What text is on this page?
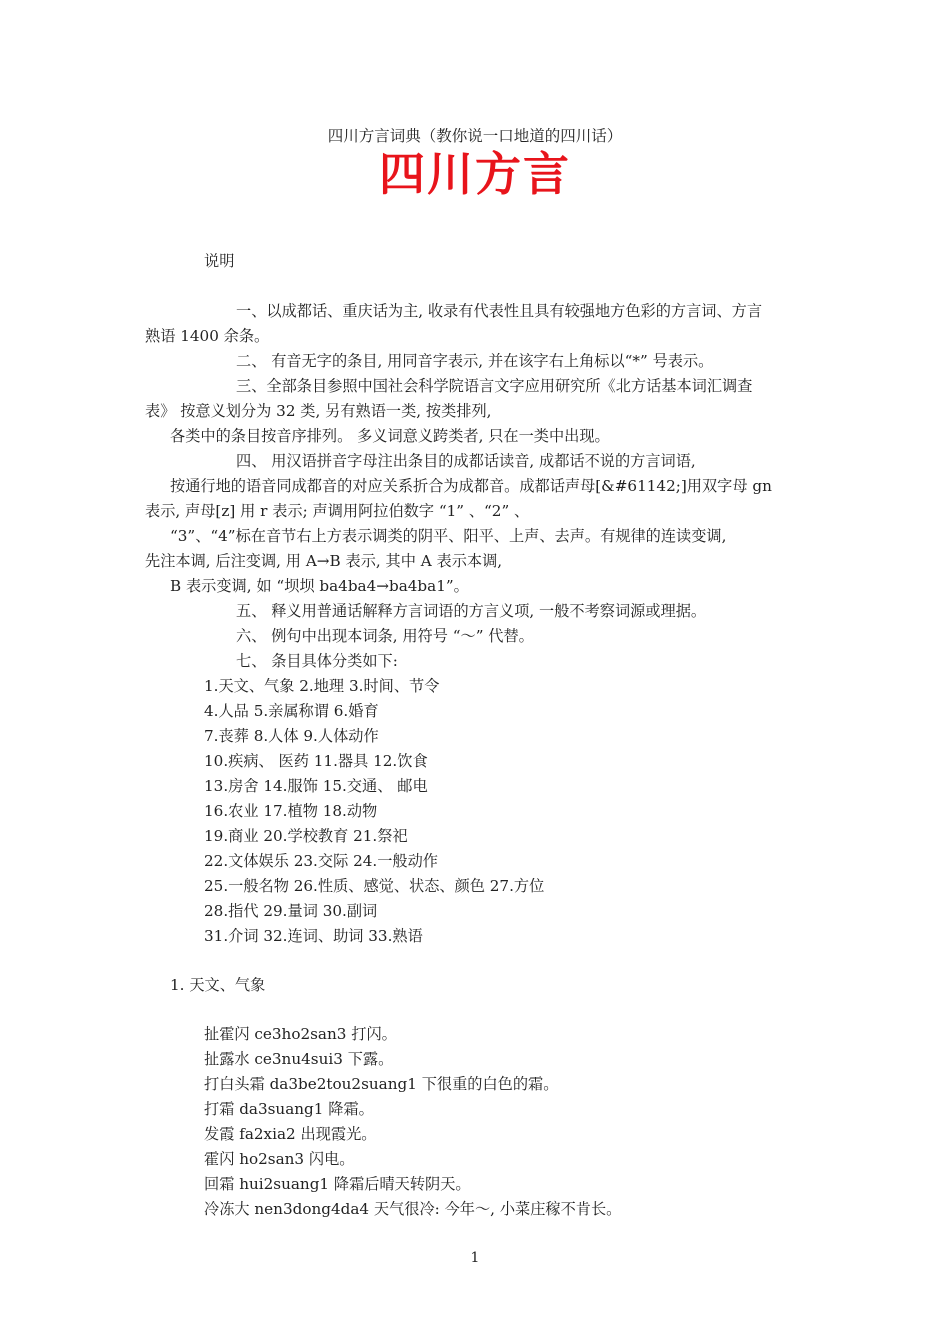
四川方言词典（教你说一口地道的四川话）
四川方言
说明
一、以成都话、重庆话为主, 收录有代表性且具有较强地方色彩的方言词、方言
熟语 1400 余条。
二、 有音无字的条目, 用同音字表示, 并在该字右上角标以“*” 号表示。
三、全部条目参照中国社会科学院语言文字应用研究所《北方话基本词汇调查
表》 按意义划分为 32 类, 另有熟语一类, 按类排列,
各类中的条目按音序排列。 多义词意义跨类者, 只在一类中出现。
四、 用汉语拼音字母注出条目的成都话读音, 成都话不说的方言词语,
按通行地的语音同成都音的对应关系折合为成都音。成都话声母[&#61142;]用双字母 gn
表示, 声母[z] 用 r 表示; 声调用阿拉伯数字 “1” 、“2” 、
“3”、“4”标在音节右上方表示调类的阴平、阳平、上声、去声。有规律的连读变调,
先注本调, 后注变调, 用 A→B 表示, 其中 A 表示本调,
B 表示变调, 如 “坝坝 ba4ba4→ba4ba1”。
五、 释义用普通话解释方言词语的方言义项, 一般不考察词源或理据。
六、 例句中出现本词条, 用符号 “～” 代替。
七、 条目具体分类如下:
1.天文、气象 2.地理 3.时间、节令
4.人品 5.亲属称谓 6.婚育
7.丧葬 8.人体 9.人体动作
10.疾病、 医药 11.器具 12.饮食
13.房舍 14.服饰 15.交通、 邮电
16.农业 17.植物 18.动物
19.商业 20.学校教育 21.祭祀
22.文体娱乐 23.交际 24.一般动作
25.一般名物 26.性质、感觉、状态、颜色 27.方位
28.指代 29.量词 30.副词
31.介词 32.连词、助词 33.熟语
1. 天文、气象
扯霍闪 ce3ho2san3 打闪。
扯露水 ce3nu4sui3 下露。
打白头霜 da3be2tou2suang1 下很重的白色的霜。
打霜 da3suang1 降霜。
发霞 fa2xia2 出现霞光。
霍闪 ho2san3 闪电。
回霜 hui2suang1 降霜后晴天转阴天。
冷冻大 nen3dong4da4 天气很冷: 今年～, 小菜庄稼不肯长。
1
